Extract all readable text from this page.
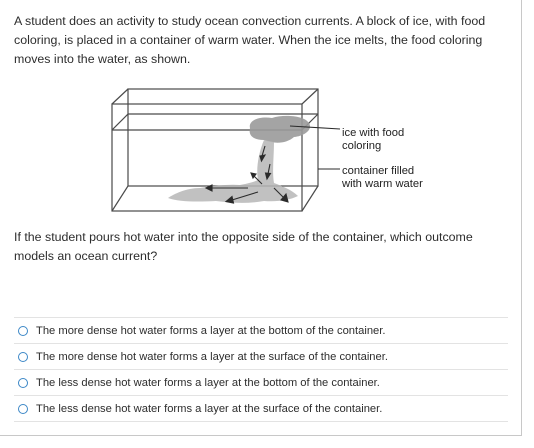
A student does an activity to study ocean convection currents. A block of ice, with food coloring, is placed in a container of warm water. When the ice melts, the food coloring moves into the water, as shown.

ice with food
coloring
container filled
with warm water

If the student pours hot water into the opposite side of the container, which outcome models an ocean current?

The more dense hot water forms a layer at the bottom of the container.
The more dense hot water forms a layer at the surface of the container.
The less dense hot water forms a layer at the bottom of the container.
The less dense hot water forms a layer at the surface of the container.
